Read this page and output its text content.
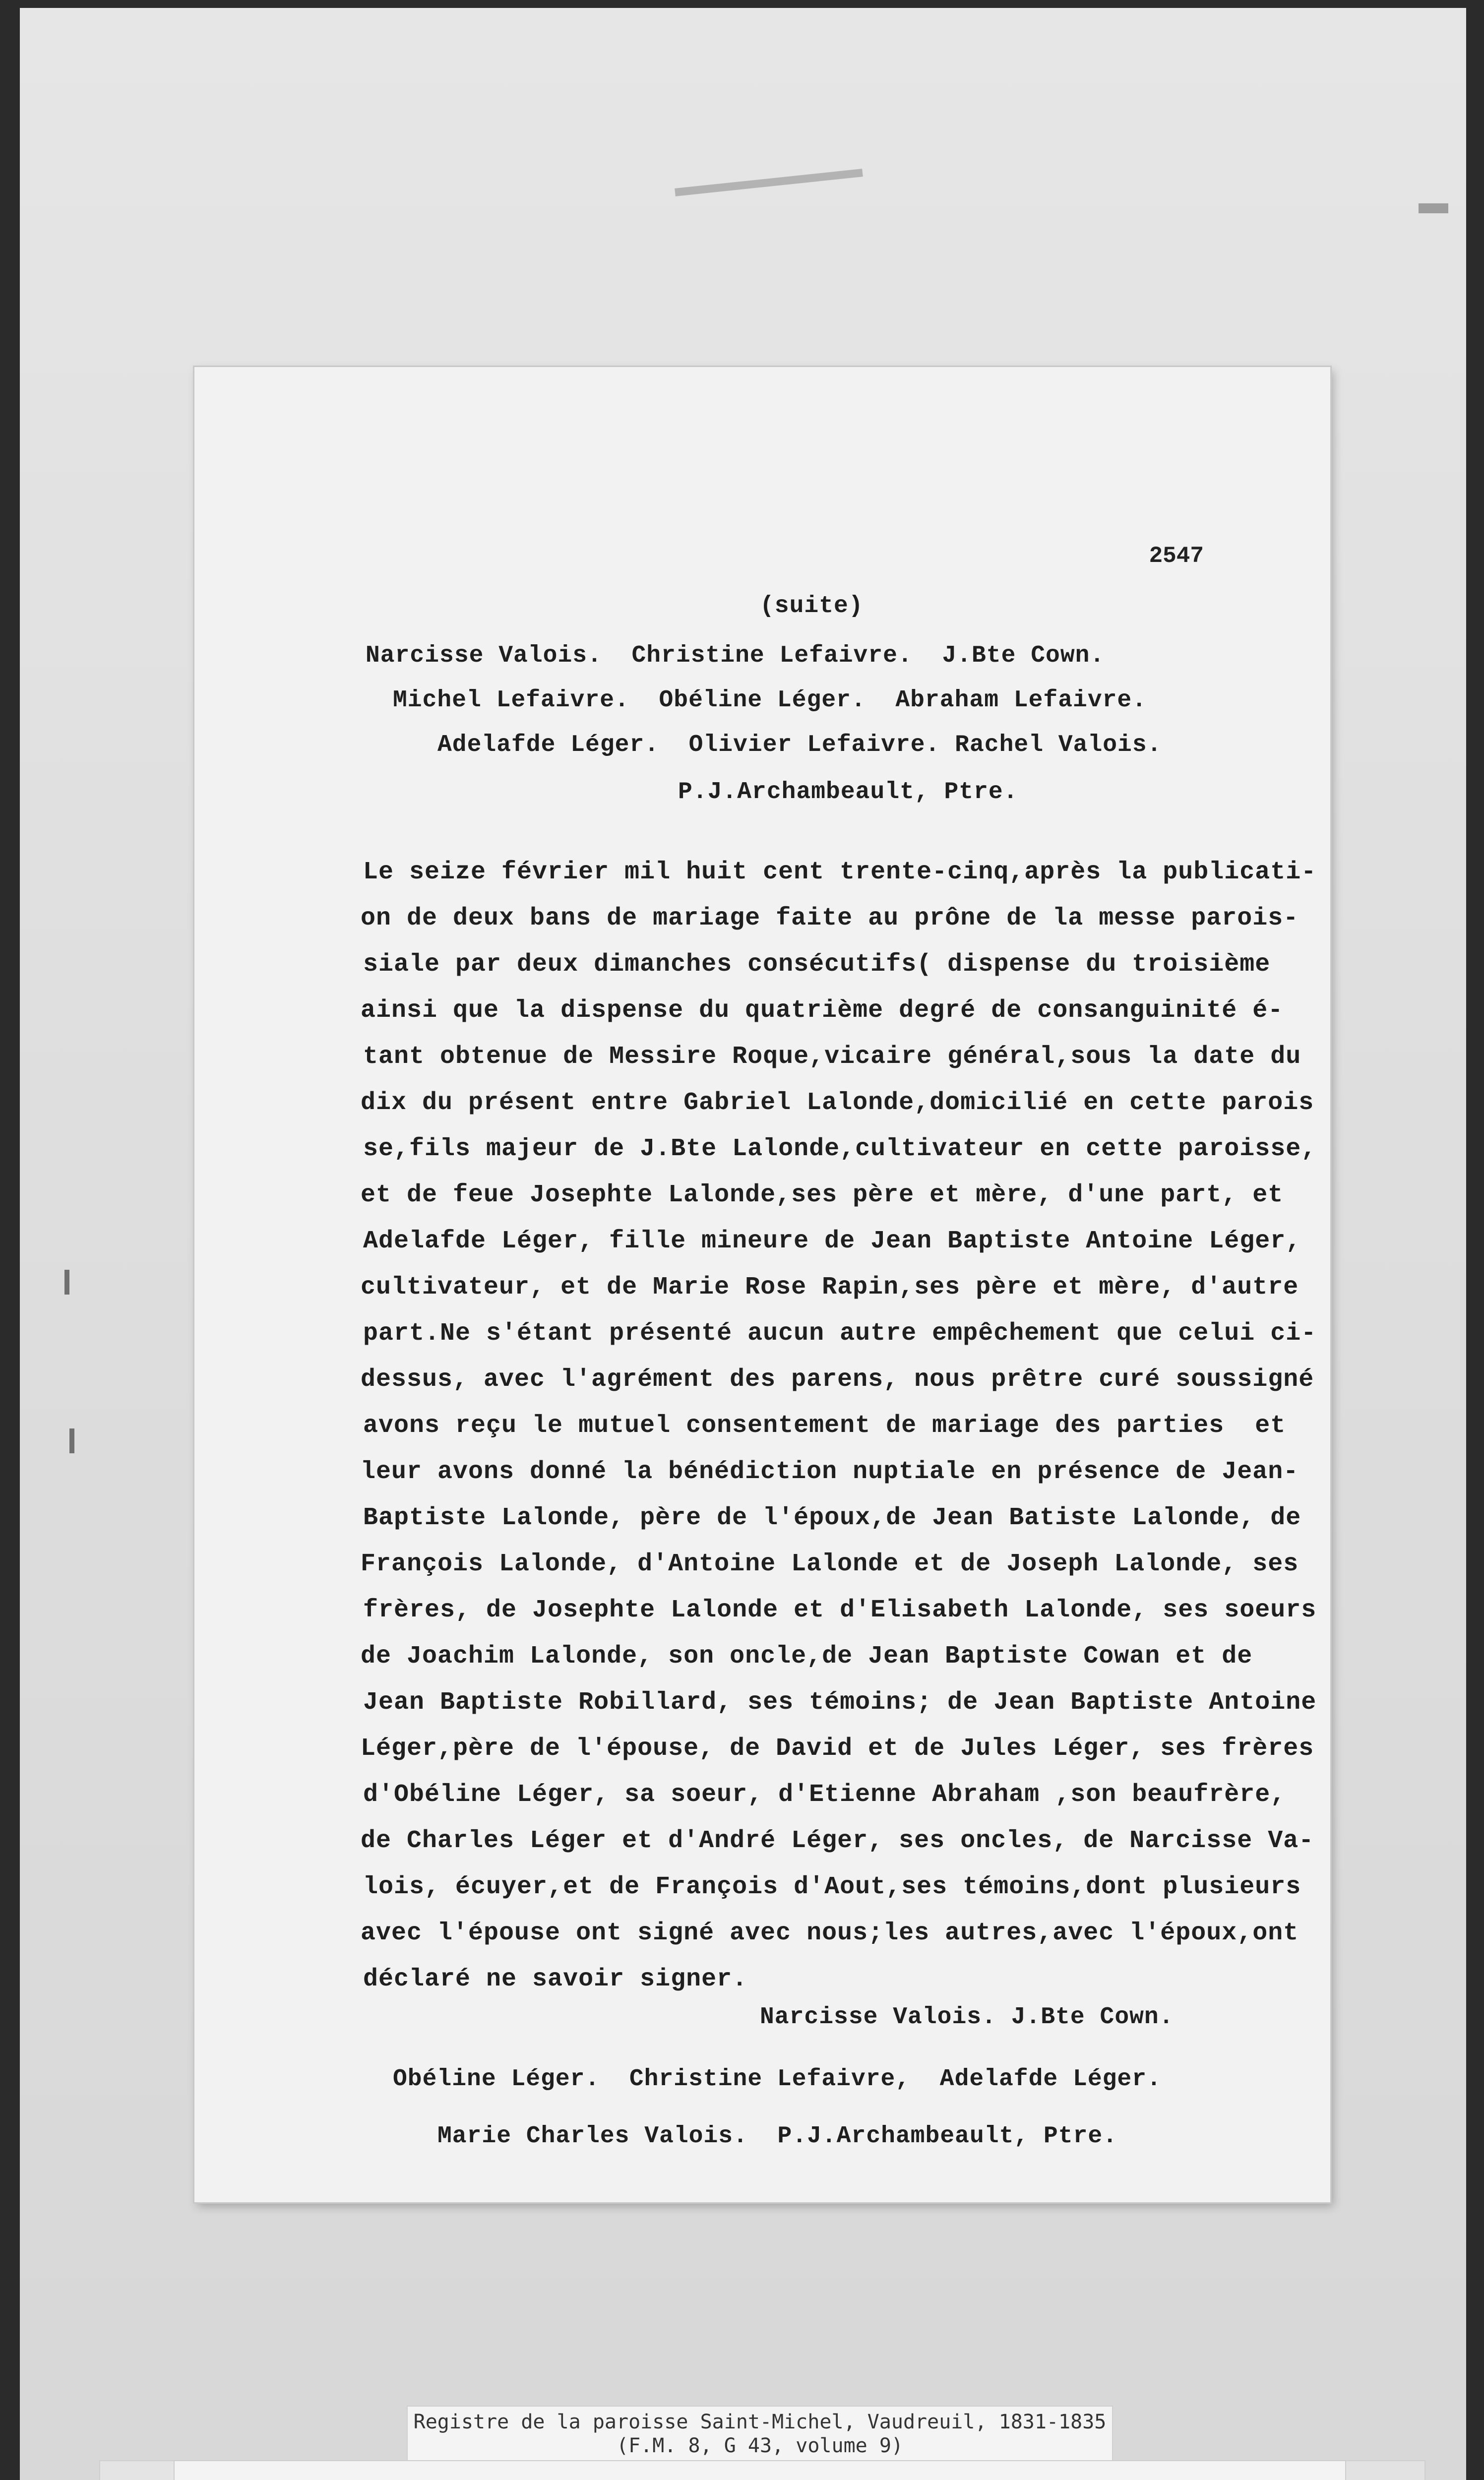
2547
(suite)
Narcisse Valois.  Christine Lefaivre.  J.Bte Cown.
Michel Lefaivre.  Obéline Léger.  Abraham Lefaivre.
Adelafde Léger.  Olivier Lefaivre. Rachel Valois.
P.J.Archambeault, Ptre.
Le seize février mil huit cent trente-cinq,après la publicati-
on de deux bans de mariage faite au prône de la messe parois-
siale par deux dimanches consécutifs( dispense du troisième
ainsi que la dispense du quatrième degré de consanguinité é-
tant obtenue de Messire Roque,vicaire général,sous la date du
dix du présent entre Gabriel Lalonde,domicilié en cette parois
se,fils majeur de J.Bte Lalonde,cultivateur en cette paroisse,
et de feue Josephte Lalonde,ses père et mère, d'une part, et
Adelafde Léger, fille mineure de Jean Baptiste Antoine Léger,
cultivateur, et de Marie Rose Rapin,ses père et mère, d'autre
part.Ne s'étant présenté aucun autre empêchement que celui ci-
dessus, avec l'agrément des parens, nous prêtre curé soussigné
avons reçu le mutuel consentement de mariage des parties  et
leur avons donné la bénédiction nuptiale en présence de Jean-
Baptiste Lalonde, père de l'époux,de Jean Batiste Lalonde, de
François Lalonde, d'Antoine Lalonde et de Joseph Lalonde, ses
frères, de Josephte Lalonde et d'Elisabeth Lalonde, ses soeurs
de Joachim Lalonde, son oncle,de Jean Baptiste Cowan et de
Jean Baptiste Robillard, ses témoins; de Jean Baptiste Antoine
Léger,père de l'épouse, de David et de Jules Léger, ses frères
d'Obéline Léger, sa soeur, d'Etienne Abraham ,son beaufrère,
de Charles Léger et d'André Léger, ses oncles, de Narcisse Va-
lois, écuyer,et de François d'Aout,ses témoins,dont plusieurs
avec l'épouse ont signé avec nous;les autres,avec l'époux,ont
déclaré ne savoir signer.
Narcisse Valois. J.Bte Cown.
Obéline Léger.  Christine Lefaivre,  Adelafde Léger.
Marie Charles Valois.  P.J.Archambeault, Ptre.
Registre de la paroisse Saint-Michel, Vaudreuil, 1831-1835
(F.M. 8, G 43, volume 9)
